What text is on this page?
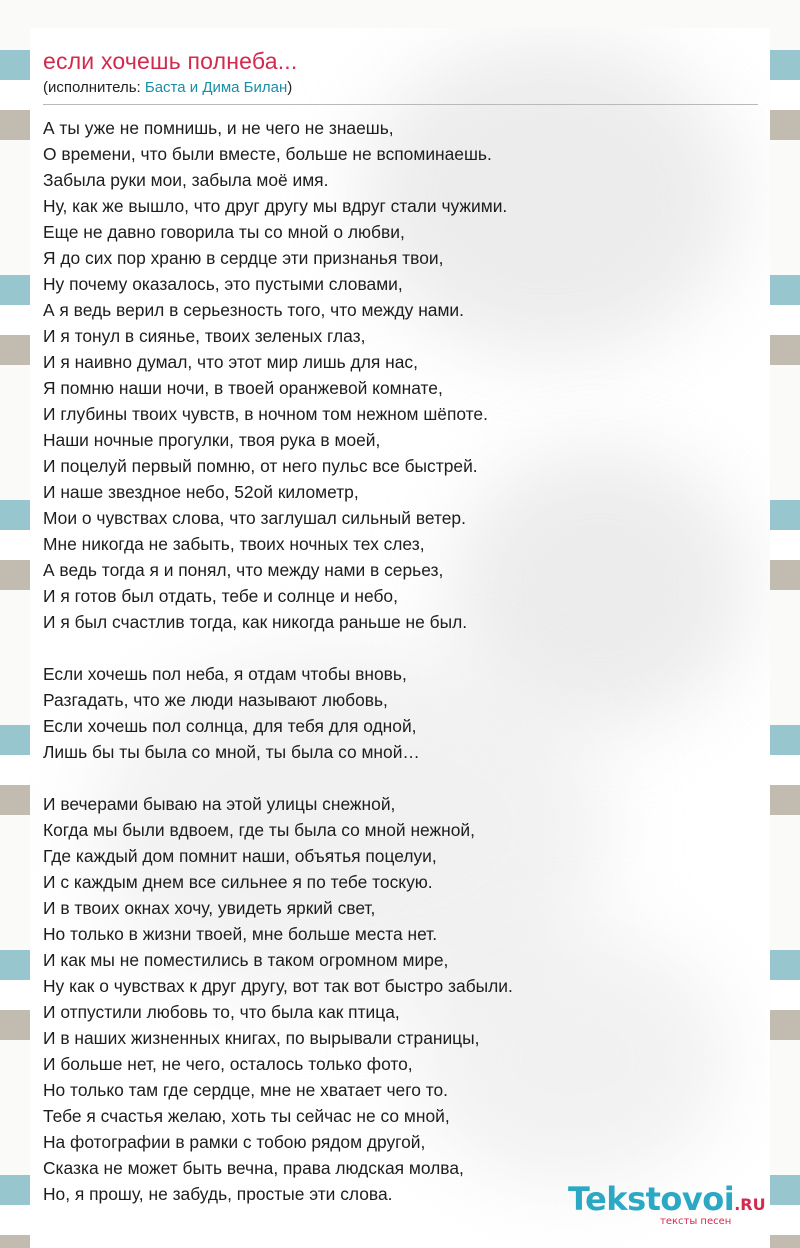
если хочешь полнеба...
(исполнитель: Баста и Дима Билан)
А ты уже не помнишь, и не чего не знаешь,
О времени, что были вместе, больше не вспоминаешь.
Забыла руки мои, забыла моё имя.
Ну, как же вышло, что друг другу мы вдруг стали чужими.
Еще не давно говорила ты со мной о любви,
Я до сих пор храню в сердце эти признанья твои,
Ну почему оказалось, это пустыми словами,
А я ведь верил в серьезность того, что между нами.
И я тонул в сиянье, твоих зеленых глаз,
И я наивно думал, что этот мир лишь для нас,
Я помню наши ночи, в твоей оранжевой комнате,
И глубины твоих чувств, в ночном том нежном шёпоте.
Наши ночные прогулки, твоя рука в моей,
И поцелуй первый помню, от него пульс все быстрей.
И наше звездное небо, 52ой километр,
Мои о чувствах слова, что заглушал сильный ветер.
Мне никогда не забыть, твоих ночных тех слез,
А ведь тогда я и понял, что между нами в серьез,
И я готов был отдать, тебе и солнце и небо,
И я был счастлив тогда, как никогда раньше не был.
Если хочешь пол неба, я отдам чтобы вновь,
Разгадать, что же люди называют любовь,
Если хочешь пол солнца, для тебя для одной,
Лишь бы ты была со мной, ты была со мной…
И вечерами бываю на этой улицы снежной,
Когда мы были вдвоем, где ты была со мной нежной,
Где каждый дом помнит наши, объятья поцелуи,
И с каждым днем все сильнее я по тебе тоскую.
И в твоих окнах хочу, увидеть яркий свет,
Но только в жизни твоей, мне больше места нет.
И как мы не поместились в таком огромном мире,
Ну как о чувствах к друг другу, вот так вот быстро забыли.
И отпустили любовь то, что была как птица,
И в наших жизненных книгах, по вырывали страницы,
И больше нет, не чего, осталось только фото,
Но только там где сердце, мне не хватает чего то.
Тебе я счастья желаю, хоть ты сейчас не со мной,
На фотографии в рамки с тобою рядом другой,
Сказка не может быть вечна, права людская молва,
Но, я прошу, не забудь, простые эти слова.	Tekstovoi.RU
тексты песен
